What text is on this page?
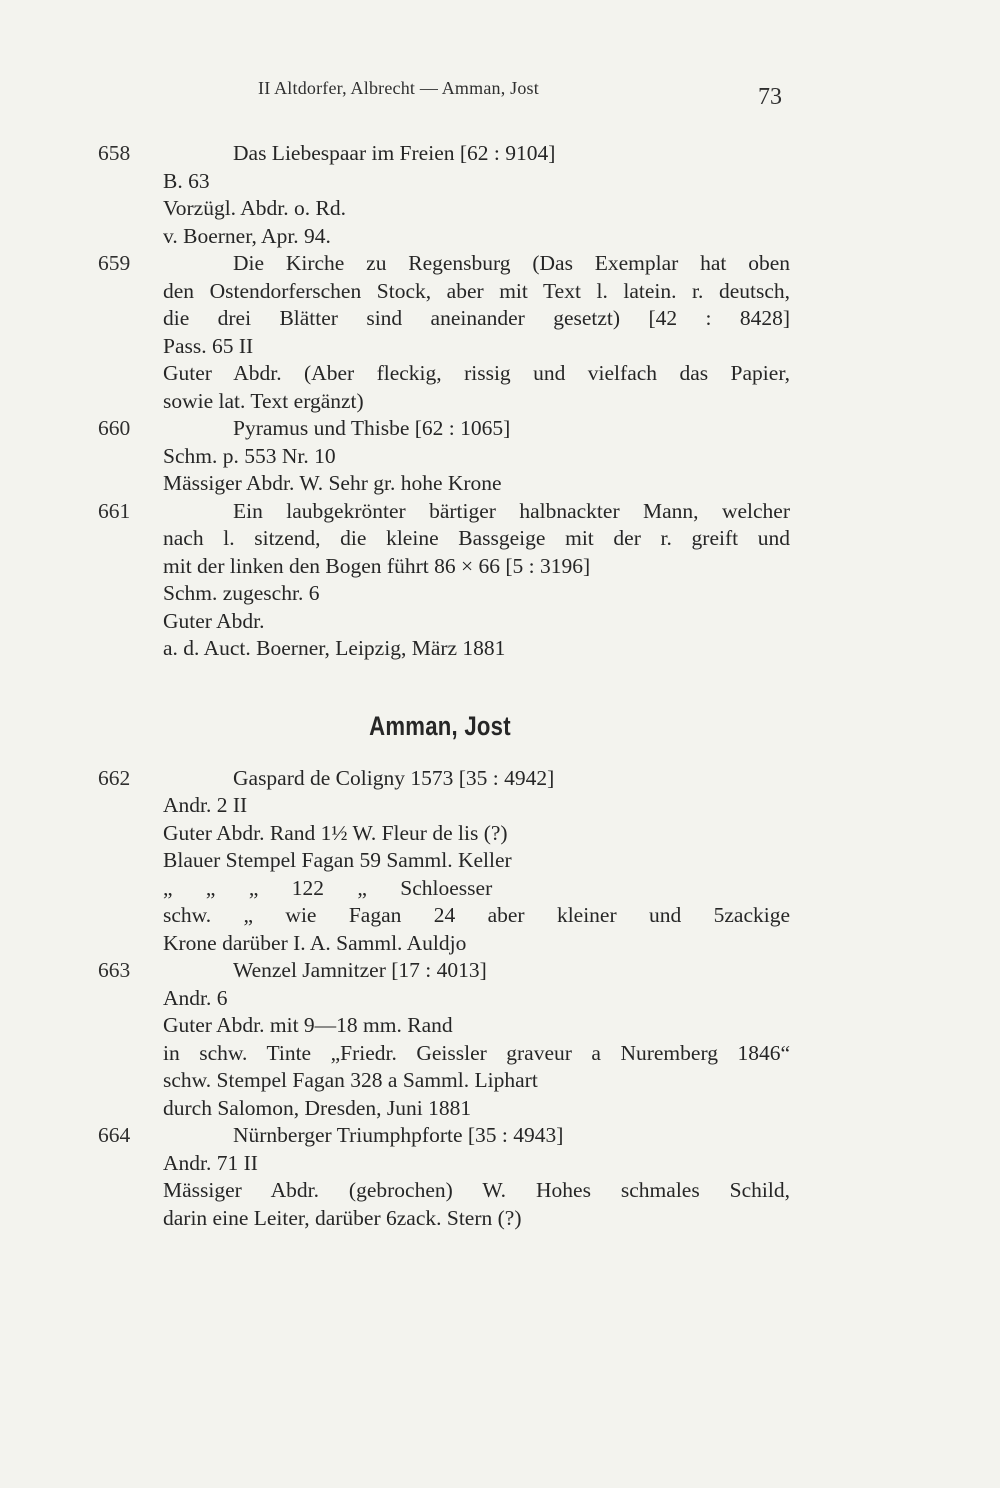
II Altdorfer, Albrecht — Amman, Jost	73
658	Das Liebespaar im Freien [62 : 9104]
B. 63
Vorzügl. Abdr. o. Rd.
v. Boerner, Apr. 94.
659	Die Kirche zu Regensburg (Das Exemplar hat oben
den Ostendorferschen Stock, aber mit Text l. latein. r. deutsch,
die drei Blätter sind aneinander gesetzt) [42 : 8428]
Pass. 65 II
Guter Abdr. (Aber fleckig, rissig und vielfach das Papier,
sowie lat. Text ergänzt)
660	Pyramus und Thisbe [62 : 1065]
Schm. p. 553 Nr. 10
Mässiger Abdr. W. Sehr gr. hohe Krone
661	Ein laubgekrönter bärtiger halbnackter Mann, welcher
nach l. sitzend, die kleine Bassgeige mit der r. greift und
mit der linken den Bogen führt 86 × 66 [5 : 3196]
Schm. zugeschr. 6
Guter Abdr.
a. d. Auct. Boerner, Leipzig, März 1881
Amman, Jost
662	Gaspard de Coligny 1573 [35 : 4942]
Andr. 2 II
Guter Abdr. Rand 1½ W. Fleur de lis (?)
Blauer Stempel Fagan 59 Samml. Keller
„ „ „ 122 „ Schloesser
schw. „ wie Fagan 24 aber kleiner und 5zackige
Krone darüber I. A. Samml. Auldjo
663	Wenzel Jamnitzer [17 : 4013]
Andr. 6
Guter Abdr. mit 9—18 mm. Rand
in schw. Tinte „Friedr. Geissler graveur a Nuremberg 1846“
schw. Stempel Fagan 328 a Samml. Liphart
durch Salomon, Dresden, Juni 1881
664	Nürnberger Triumphpforte [35 : 4943]
Andr. 71 II
Mässiger Abdr. (gebrochen) W. Hohes schmales Schild,
darin eine Leiter, darüber 6zack. Stern (?)
